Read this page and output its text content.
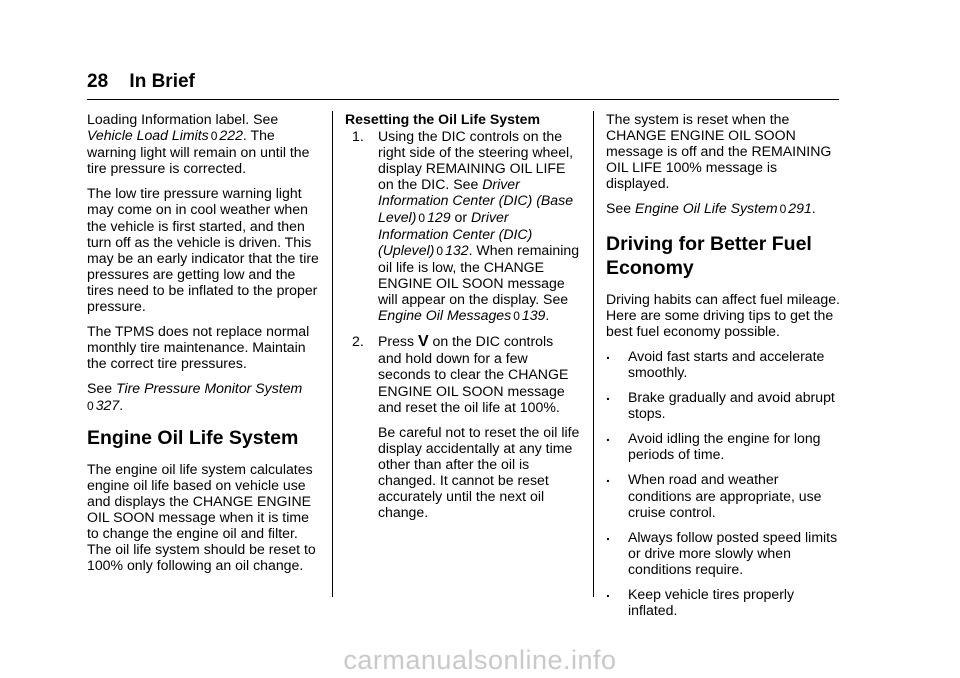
28 In Brief

Loading Information label. See Vehicle Load Limits 0 222. The warning light will remain on until the tire pressure is corrected.

The low tire pressure warning light may come on in cool weather when the vehicle is first started, and then turn off as the vehicle is driven. This may be an early indicator that the tire pressures are getting low and the tires need to be inflated to the proper pressure.

The TPMS does not replace normal monthly tire maintenance. Maintain the correct tire pressures.

See Tire Pressure Monitor System
0 327.

Engine Oil Life System

The engine oil life system calculates engine oil life based on vehicle use and displays the CHANGE ENGINE OIL SOON message when it is time to change the engine oil and filter. The oil life system should be reset to 100% only following an oil change.

Resetting the Oil Life System
1. Using the DIC controls on the right side of the steering wheel, display REMAINING OIL LIFE on the DIC. See Driver Information Center (DIC) (Base Level) 0 129 or Driver Information Center (DIC) (Uplevel) 0 132. When remaining oil life is low, the CHANGE ENGINE OIL SOON message will appear on the display. See Engine Oil Messages 0 139.

2. Press V on the DIC controls and hold down for a few seconds to clear the CHANGE ENGINE OIL SOON message and reset the oil life at 100%.

Be careful not to reset the oil life display accidentally at any time other than after the oil is changed. It cannot be reset accurately until the next oil change.

The system is reset when the CHANGE ENGINE OIL SOON message is off and the REMAINING OIL LIFE 100% message is displayed.

See Engine Oil Life System 0 291.

Driving for Better Fuel Economy

Driving habits can affect fuel mileage. Here are some driving tips to get the best fuel economy possible.

. Avoid fast starts and accelerate smoothly.
. Brake gradually and avoid abrupt stops.
. Avoid idling the engine for long periods of time.
. When road and weather conditions are appropriate, use cruise control.
. Always follow posted speed limits or drive more slowly when conditions require.
. Keep vehicle tires properly inflated.
carmanualsonline.info
